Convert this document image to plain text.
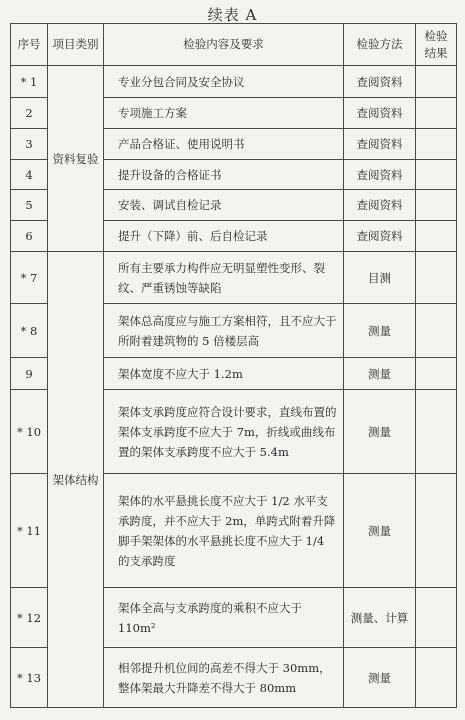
续表 A
序号	项目类别	检验内容及要求	检验方法	检验结果
* 1	资料复验	专业分包合同及安全协议	查阅资料	
2		专项施工方案	查阅资料	
3		产品合格证、使用说明书	查阅资料	
4		提升设备的合格证书	查阅资料	
5		安装、调试自检记录	查阅资料	
6		提升（下降）前、后自检记录	查阅资料	
* 7	架体结构	所有主要承力构件应无明显塑性变形、裂纹、严重锈蚀等缺陷	目测	
* 8		架体总高度应与施工方案相符，且不应大于所附着建筑物的 5 倍楼层高	测量	
9		架体宽度不应大于 1.2m	测量	
* 10		架体支承跨度应符合设计要求，直线布置的架体支承跨度不应大于 7m，折线或曲线布置的架体支承跨度不应大于 5.4m	测量	
* 11		架体的水平悬挑长度不应大于 1/2 水平支承跨度，并不应大于 2m，单跨式附着升降脚手架架体的水平悬挑长度不应大于 1/4 的支承跨度	测量	
* 12		架体全高与支承跨度的乘积不应大于 110m²	测量、计算	
* 13		相邻提升机位间的高差不得大于 30mm，整体架最大升降差不得大于 80mm	测量	
